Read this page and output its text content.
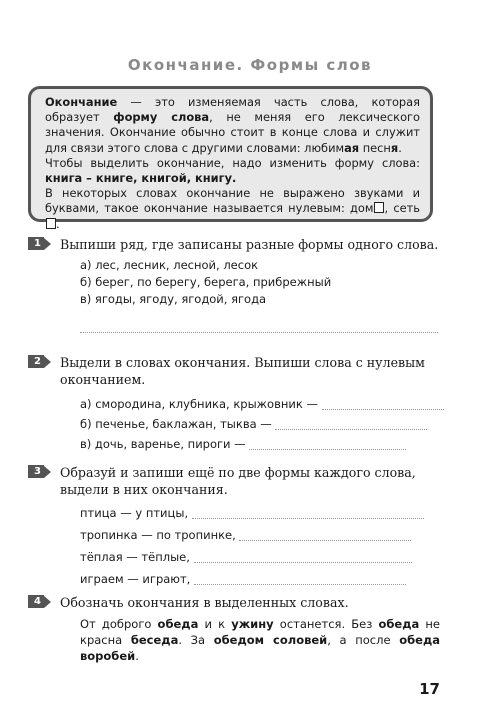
Окончание. Формы слов

Окончание — это изменяемая часть слова, которая образует форму слова, не меняя его лексического значения. Окончание обычно стоит в конце слова и служит для связи этого слова с другими словами: любимая песня.

Чтобы выделить окончание, надо изменить форму слова: книга – книге, книгой, книгу.

В некоторых словах окончание не выражено звуками и буквами, такое окончание называется нулевым: дом , сеть.

1 Выпиши ряд, где записаны разные формы одного слова.
а) лес, лесник, лесной, лесок
б) берег, по берегу, берега, прибрежный
в) ягоды, ягоду, ягодой, ягода
2 Выдели в словах окончания. Выпиши слова с нулевым окончанием.
а) смородина, клубника, крыжовник —
б) печенье, баклажан, тыква —
в) дочь, варенье, пироги —
3 Образуй и запиши ещё по две формы каждого слова, выдели в них окончания.
птица — у птицы,
тропинка — по тропинке,
тёплая — тёплые,
играем — играют,
4 Обозначь окончания в выделенных словах.
От доброго обеда и к ужину останется. Без обеда не красна беседа. За обедом соловей, а после обеда воробей.
17
